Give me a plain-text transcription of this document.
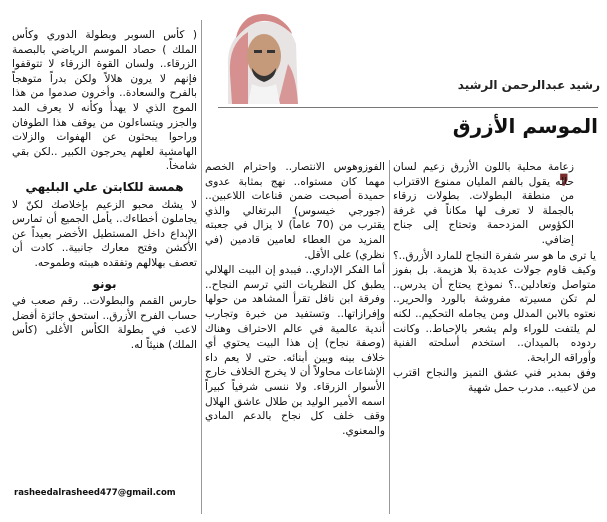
رشيد عبدالرحمن الرشيد
الموسم الأزرق
❜

زعامة محلية باللون الأزرق زعيم لسان حاله يقول بالفم المليان ممنوع الاقتراب من منطقة البطولات. بطولات زرقاء بالجملة لا تعرف لها مكاناً في غرفة الكؤوس المزدحمة وتحتاج إلى جناح إضافي.

يا ترى ما هو سر شفرة النجاح للمارد الأزرق..؟ وكيف قاوم جولات عديدة بلا هزيمة. بل بفوز متواصل وتعادلين..؟ نموذج يحتاج أن يدرس.. لم تكن مسيرته مفروشة بالورد والحرير.. نعتوه بالابن المدلل ومن يجامله التحكيم.. لكنه لم يلتفت للوراء ولم يشعر بالإحباط.. وكانت ردوده بالميدان.. استخدم أسلحته الفنية وأوراقه الرابحة.

وفق بمدير فني عشق التميز والنجاح اقترب من لاعبيه.. مدرب حمل شهية

الفوزوهوس الانتصار.. واحترام الخصم مهما كان مستواه.. نهج بمثابة عدوى حميدة أصبحت ضمن قناعات اللاعبين.. (جورجي خيسوس) البرتغالي والذي يقترب من (70 عاماً) لا يزال في جعبته المزيد من العطاء لعامين قادمين (في نظري) على الأقل.

أما الفكر الإداري.. فيبدو إن البيت الهلالي يطبق كل النظريات التي ترسم النجاح.. وفرقة ابن نافل تقرأ المشاهد من حولها وإفرازاتها.. وتستفيد من خبرة وتجارب أندية عالمية في عالم الاحتراف وهناك (وصفة نجاح) إن هذا البيت يحتوي أي خلاف بينه وبين أبنائه. حتى لا يعم داء الإشاعات محاولاً أن لا يخرج الخلاف خارج الأسوار الزرقاء. ولا ننسى شرفياً كبيراً اسمه الأمير الوليد بن طلال عاشق الهلال وقف خلف كل نجاح بالدعم المادي والمعنوي.

( كأس السوبر وبطولة الدوري وكأس الملك ) حصاد الموسم الرياضي بالبصمة الزرقاء.. ولسان القوة الزرقاء لا تتوقفوا فإنهم لا يرون هلالاً ولكن بدراً متوهجاً بالفرح والسعادة.. وأخرون صدموا من هذا الموج الذي لا يهدأ وكأنه لا يعرف المد والجزر ويتساءلون من يوقف هذا الطوفان وراحوا يبحثون عن الهفوات والزلات الهامشية لعلهم يحرجون الكبير ..لكن بقي شامخاً.

همسة للكابتن علي البليهي

لا يشك محبو الزعيم بإخلاصك لكنّ لا يجاملون أخطاءك.. يأمل الجميع أن تمارس الإبداع داخل المستطيل الأخضر بعيداً عن الأكشن وفتح معارك جانبية.. كادت أن تعصف بهلالهم وتفقده هيبته وطموحه.

بونو

حارس القمم والبطولات.. رقم صعب في حساب الفرح الأزرق.. استحق جائزة أفضل لاعب في بطولة الكأس الأغلى (كأس الملك) هنيئاً له.

rasheedalrasheed477@gmail.com
